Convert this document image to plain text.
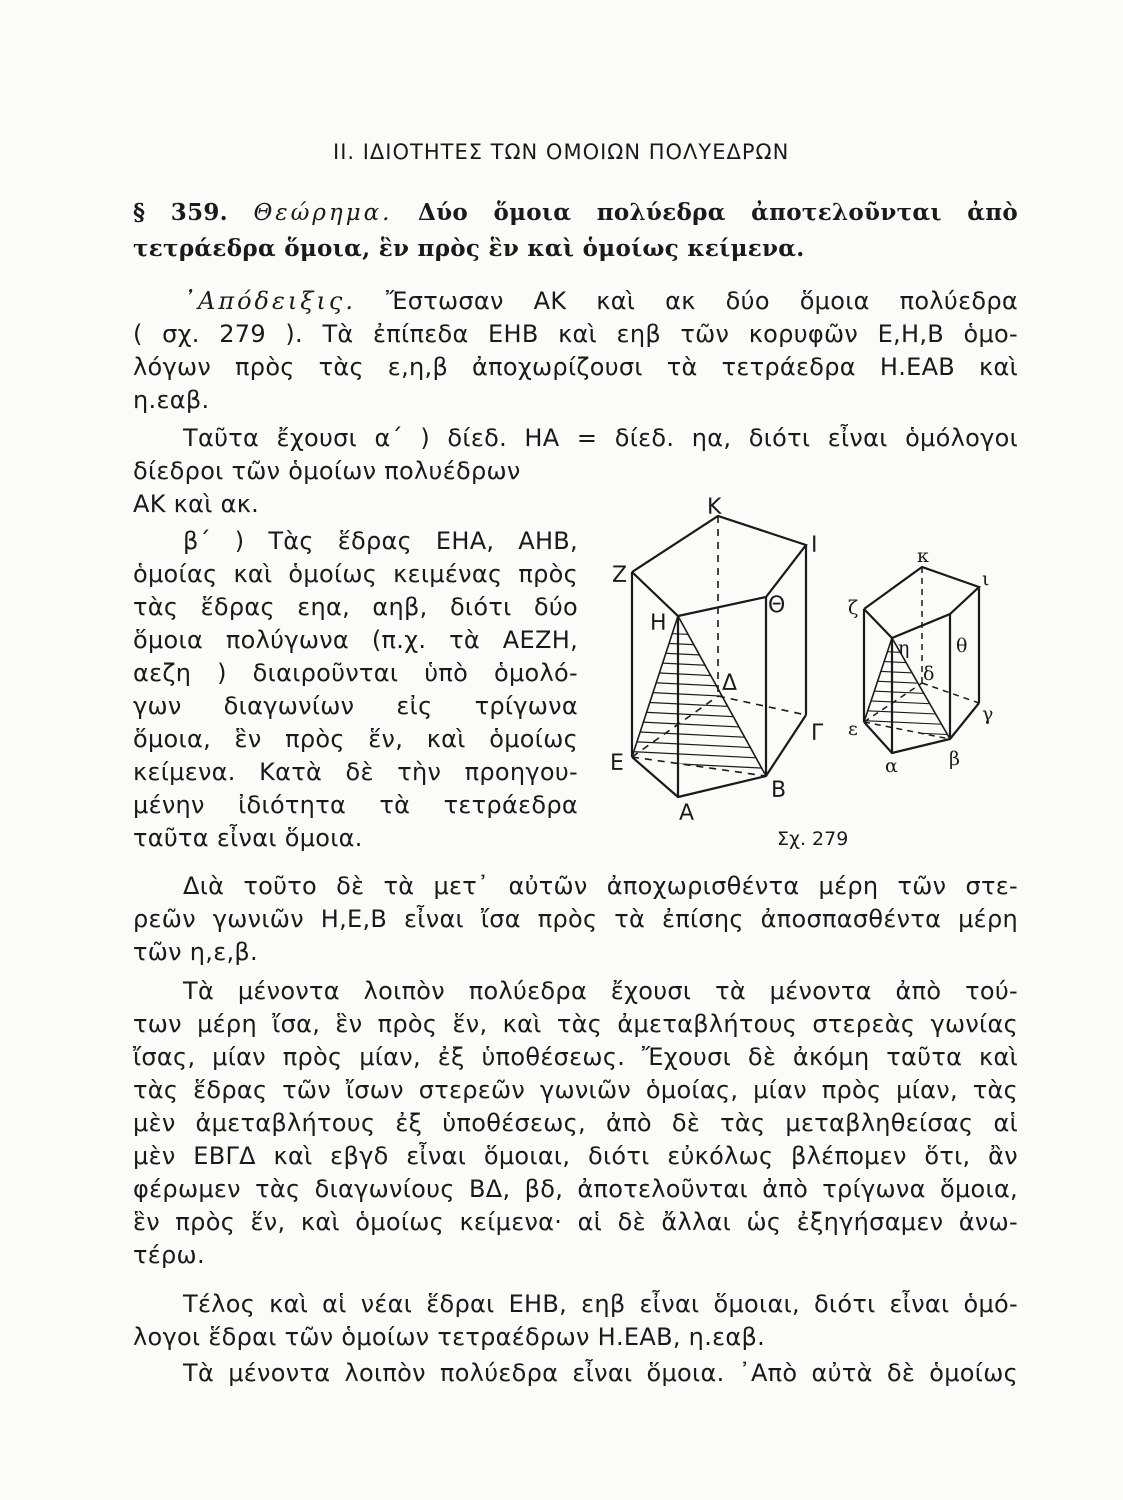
II. ΙΔΙΟΤΗΤΕΣ ΤΩΝ ΟΜΟΙΩΝ ΠΟΛΥΕΔΡΩΝ
§ 359. Θεώρημα. Δύο ὅμοια πολύεδρα ἀποτελοῦνται ἀπὸ
τετράεδρα ὅμοια, ἓν πρὸς ἓν καὶ ὁμοίως κείμενα.
᾿Απόδειξις. Ἔστωσαν ΑΚ καὶ ακ δύο ὅμοια πολύεδρα
( σχ. 279 ). Τὰ ἐπίπεδα ΕΗΒ καὶ εηβ τῶν κορυφῶν Ε,Η,Β ὁμο-
λόγων πρὸς τὰς ε,η,β ἀποχωρίζουσι τὰ τετράεδρα Η.ΕΑΒ καὶ
η.εαβ.
Ταῦτα ἔχουσι α΄ ) δίεδ. ΗΑ = δίεδ. ηα, διότι εἶναι ὁμόλογοι
δίεδροι τῶν ὁμοίων πολυέδρων
ΑΚ καὶ ακ.
β΄ ) Τὰς ἕδρας ΕΗΑ, ΑΗΒ,
ὁμοίας καὶ ὁμοίως κειμένας πρὸς
τὰς ἕδρας εηα, αηβ, διότι δύο
ὅμοια πολύγωνα (π.χ. τὰ ΑΕΖΗ,
αεζη ) διαιροῦνται ὑπὸ ὁμολό-
γων διαγωνίων εἰς τρίγωνα
ὅμοια, ἓν πρὸς ἕν, καὶ ὁμοίως
κείμενα. Κατὰ δὲ τὴν προηγου-
μένην ἰδιότητα τὰ τετράεδρα
ταῦτα εἶναι ὅμοια.
Διὰ τοῦτο δὲ τὰ μετ᾿ αὐτῶν ἀποχωρισθέντα μέρη τῶν στε-
ρεῶν γωνιῶν Η,Ε,Β εἶναι ἴσα πρὸς τὰ ἐπίσης ἀποσπασθέντα μέρη
τῶν η,ε,β.
Τὰ μένοντα λοιπὸν πολύεδρα ἔχουσι τὰ μένοντα ἀπὸ τού-
των μέρη ἴσα, ἓν πρὸς ἕν, καὶ τὰς ἀμεταβλήτους στερεὰς γωνίας
ἴσας, μίαν πρὸς μίαν, ἐξ ὑποθέσεως. Ἔχουσι δὲ ἀκόμη ταῦτα καὶ
τὰς ἕδρας τῶν ἴσων στερεῶν γωνιῶν ὁμοίας, μίαν πρὸς μίαν, τὰς
μὲν ἀμεταβλήτους ἐξ ὑποθέσεως, ἀπὸ δὲ τὰς μεταβληθείσας αἱ
μὲν ΕΒΓΔ καὶ εβγδ εἶναι ὅμοιαι, διότι εὐκόλως βλέπομεν ὅτι, ἂν
φέρωμεν τὰς διαγωνίους ΒΔ, βδ, ἀποτελοῦνται ἀπὸ τρίγωνα ὅμοια,
ἓν πρὸς ἕν, καὶ ὁμοίως κείμενα· αἱ δὲ ἄλλαι ὡς ἐξηγήσαμεν ἀνω-
τέρω.
Τέλος καὶ αἱ νέαι ἕδραι ΕΗΒ, εηβ εἶναι ὅμοιαι, διότι εἶναι ὁμό-
λογοι ἕδραι τῶν ὁμοίων τετραέδρων Η.ΕΑΒ, η.εαβ.
Τὰ μένοντα λοιπὸν πολύεδρα εἶναι ὅμοια. ᾿Απὸ αὐτὰ δὲ ὁμοίως
Κ
Ι
Ζ
Θ
Η
Δ
Γ
Ε
Β
Α
κ
ι
ζ
θ
η
δ
γ
ε
β
α
Σχ. 279
